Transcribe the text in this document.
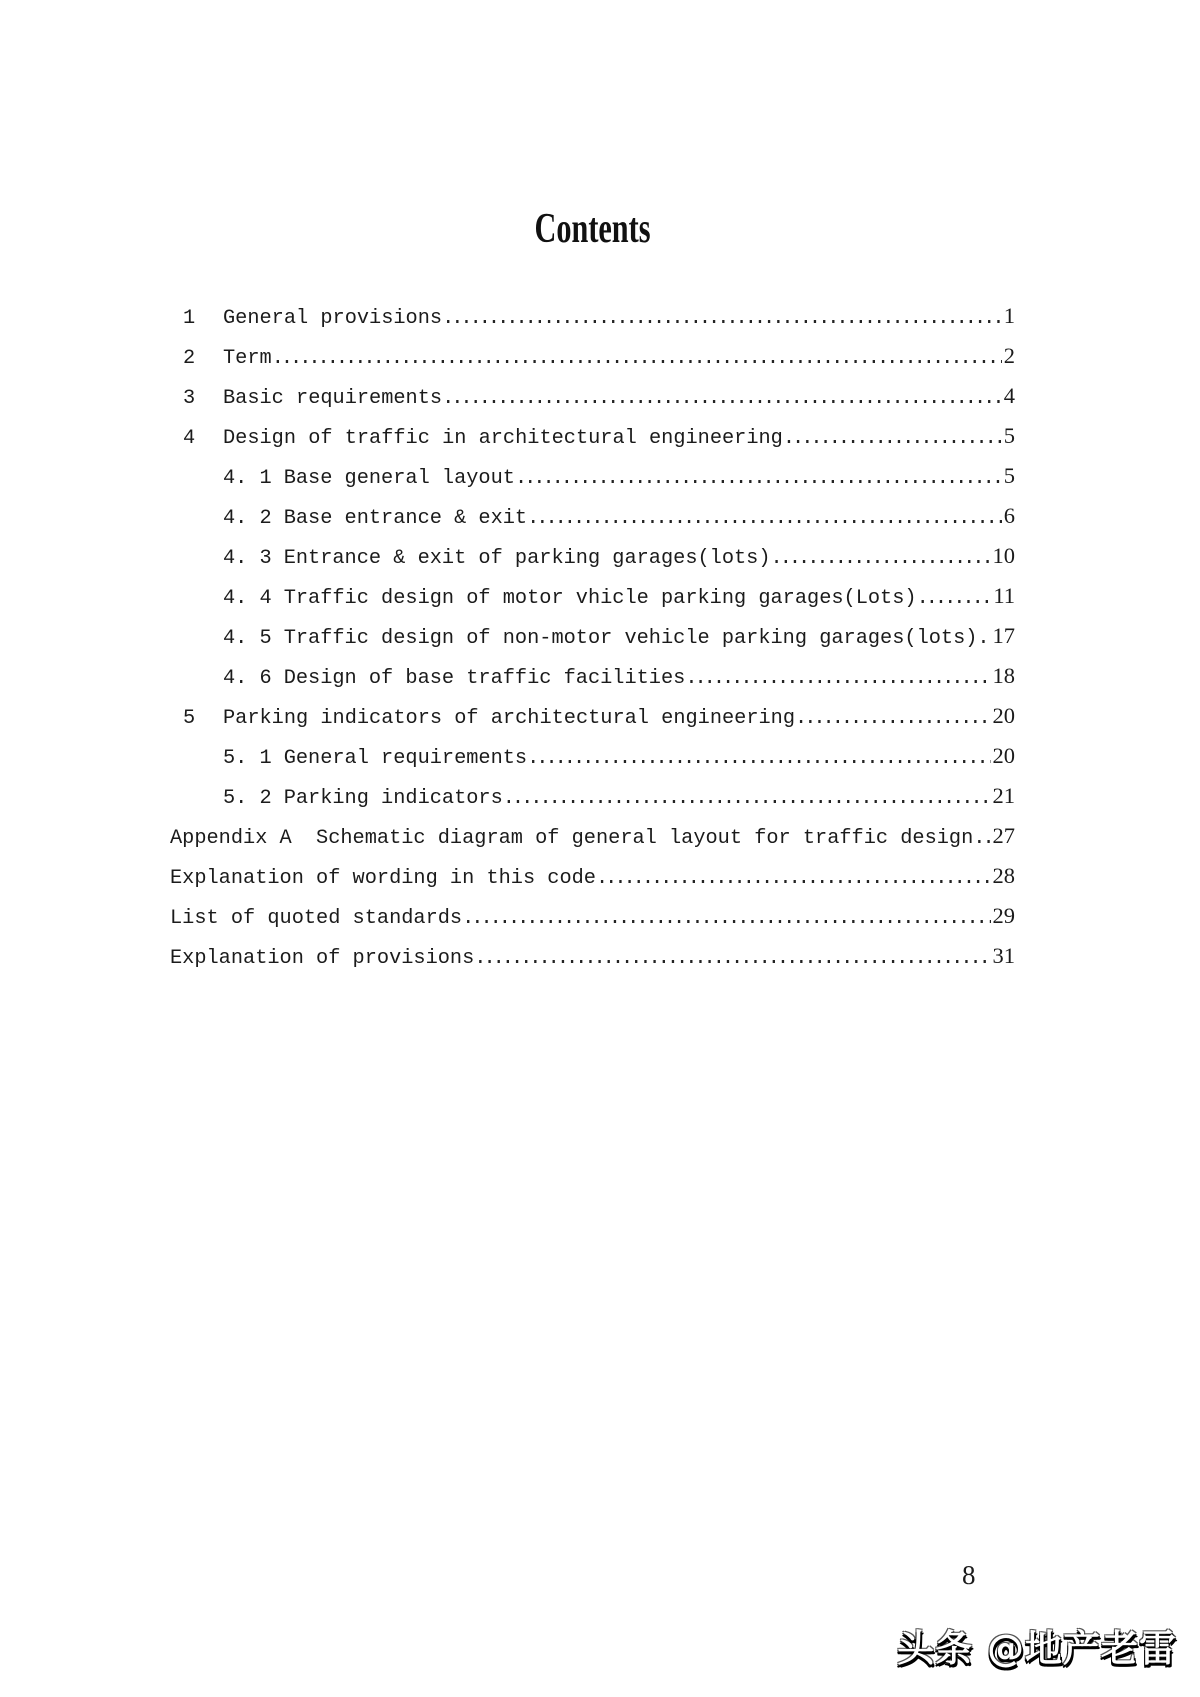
Contents
1	General provisions .....	1
2	Term .....	2
3	Basic requirements .....	4
4	Design of traffic in architectural engineering .....	5
4. 1 Base general layout .....	5
4. 2 Base entrance & exit .....	6
4. 3 Entrance & exit of parking garages(lots) .....	10
4. 4 Traffic design of motor vhicle parking garages(Lots) .....	11
4. 5 Traffic design of non-motor vehicle parking garages(lots) ..... 17
4. 6 Design of base traffic facilities .....	18
5	Parking indicators of architectural engineering .....	20
5. 1 General requirements .....	20
5. 2 Parking indicators .....	21
Appendix A  Schematic diagram of general layout for traffic design ..... 27
Explanation of wording in this code .....	28
List of quoted standards .....	29
Explanation of provisions .....	31
8
头条 @地产老雷
